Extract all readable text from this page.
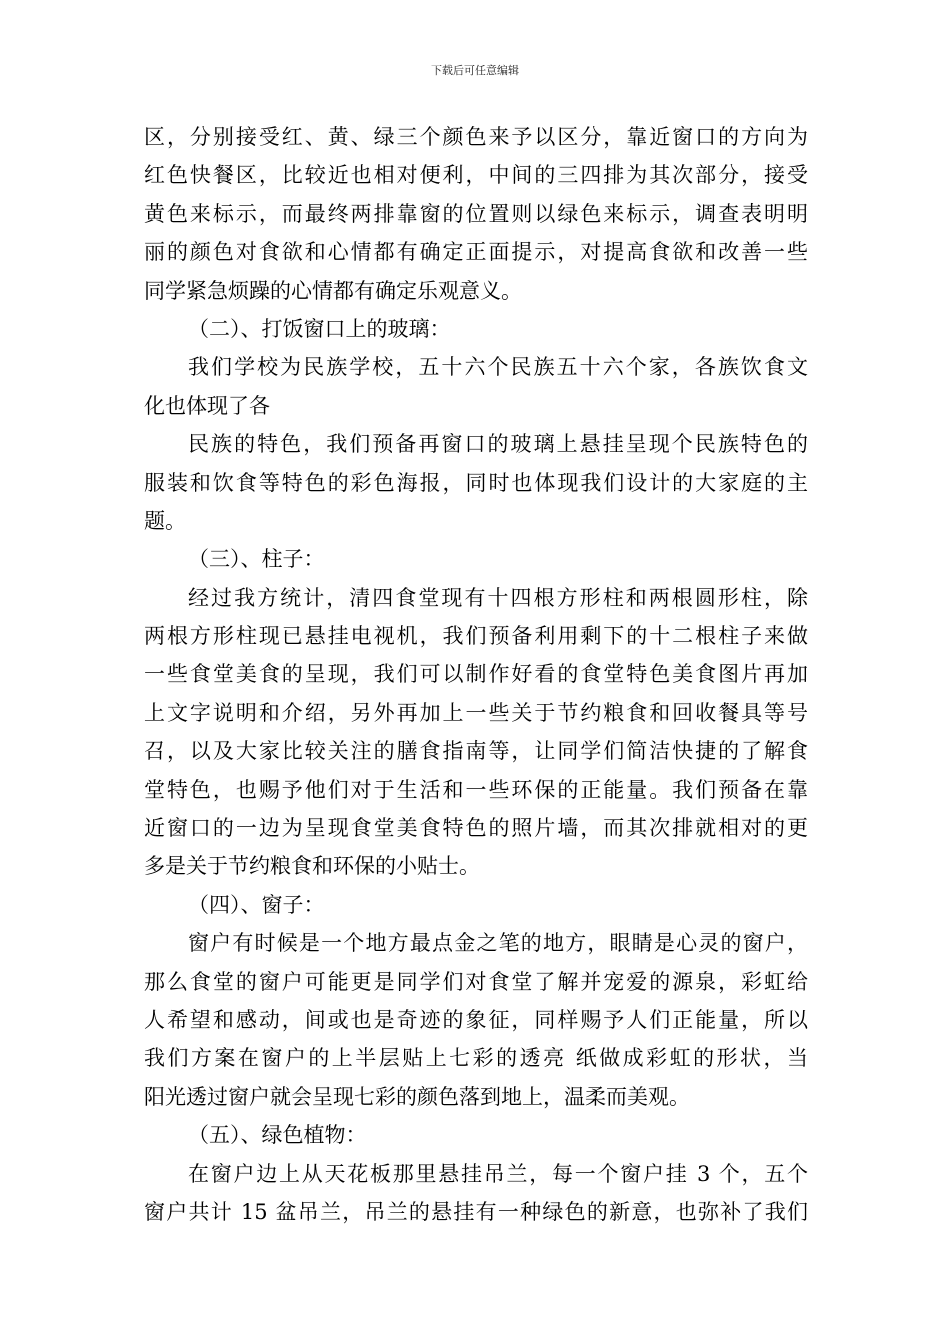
下载后可任意编辑
区，分别接受红、黄、绿三个颜色来予以区分，靠近窗口的方向为
红色快餐区，比较近也相对便利，中间的三四排为其次部分，接受
黄色来标示，而最终两排靠窗的位置则以绿色来标示，调查表明明
丽的颜色对食欲和心情都有确定正面提示，对提高食欲和改善一些
同学紧急烦躁的心情都有确定乐观意义。
（二）、打饭窗口上的玻璃：
我们学校为民族学校，五十六个民族五十六个家，各族饮食文
化也体现了各
民族的特色，我们预备再窗口的玻璃上悬挂呈现个民族特色的
服装和饮食等特色的彩色海报，同时也体现我们设计的大家庭的主
题。
（三）、柱子：
经过我方统计，清四食堂现有十四根方形柱和两根圆形柱，除
两根方形柱现已悬挂电视机，我们预备利用剩下的十二根柱子来做
一些食堂美食的呈现，我们可以制作好看的食堂特色美食图片再加
上文字说明和介绍，另外再加上一些关于节约粮食和回收餐具等号
召，以及大家比较关注的膳食指南等，让同学们简洁快捷的了解食
堂特色，也赐予他们对于生活和一些环保的正能量。我们预备在靠
近窗口的一边为呈现食堂美食特色的照片墙，而其次排就相对的更
多是关于节约粮食和环保的小贴士。
（四）、窗子：
窗户有时候是一个地方最点金之笔的地方，眼睛是心灵的窗户，
那么食堂的窗户可能更是同学们对食堂了解并宠爱的源泉，彩虹给
人希望和感动，间或也是奇迹的象征，同样赐予人们正能量，所以
我们方案在窗户的上半层贴上七彩的透亮 纸做成彩虹的形状，当
阳光透过窗户就会呈现七彩的颜色落到地上，温柔而美观。
（五）、绿色植物：
在窗户边上从天花板那里悬挂吊兰，每一个窗户挂 3 个，五个
窗户共计 15 盆吊兰，吊兰的悬挂有一种绿色的新意，也弥补了我们
